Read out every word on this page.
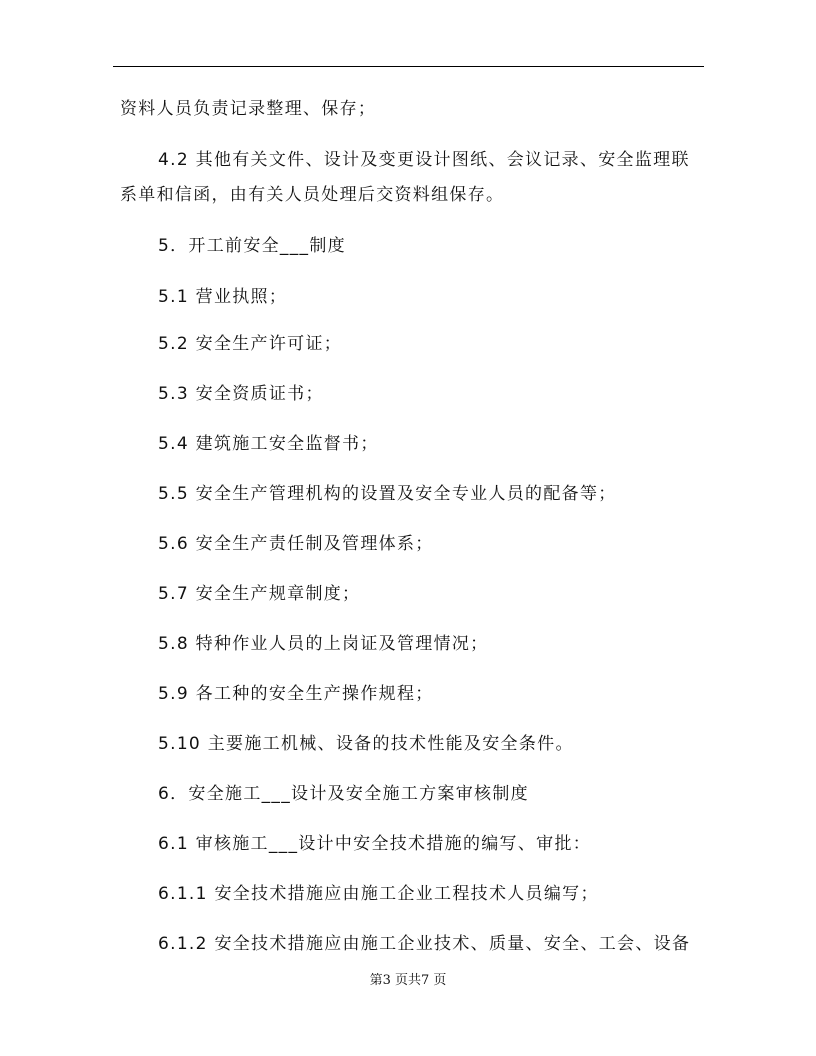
资料人员负责记录整理、保存；
4.2 其他有关文件、设计及变更设计图纸、会议记录、安全监理联
系单和信函，由有关人员处理后交资料组保存。
5．开工前安全___制度
5.1 营业执照；
5.2 安全生产许可证；
5.3 安全资质证书；
5.4 建筑施工安全监督书；
5.5 安全生产管理机构的设置及安全专业人员的配备等；
5.6 安全生产责任制及管理体系；
5.7 安全生产规章制度；
5.8 特种作业人员的上岗证及管理情况；
5.9 各工种的安全生产操作规程；
5.10 主要施工机械、设备的技术性能及安全条件。
6．安全施工___设计及安全施工方案审核制度
6.1 审核施工___设计中安全技术措施的编写、审批：
6.1.1 安全技术措施应由施工企业工程技术人员编写；
6.1.2 安全技术措施应由施工企业技术、质量、安全、工会、设备
第3 页共7 页
